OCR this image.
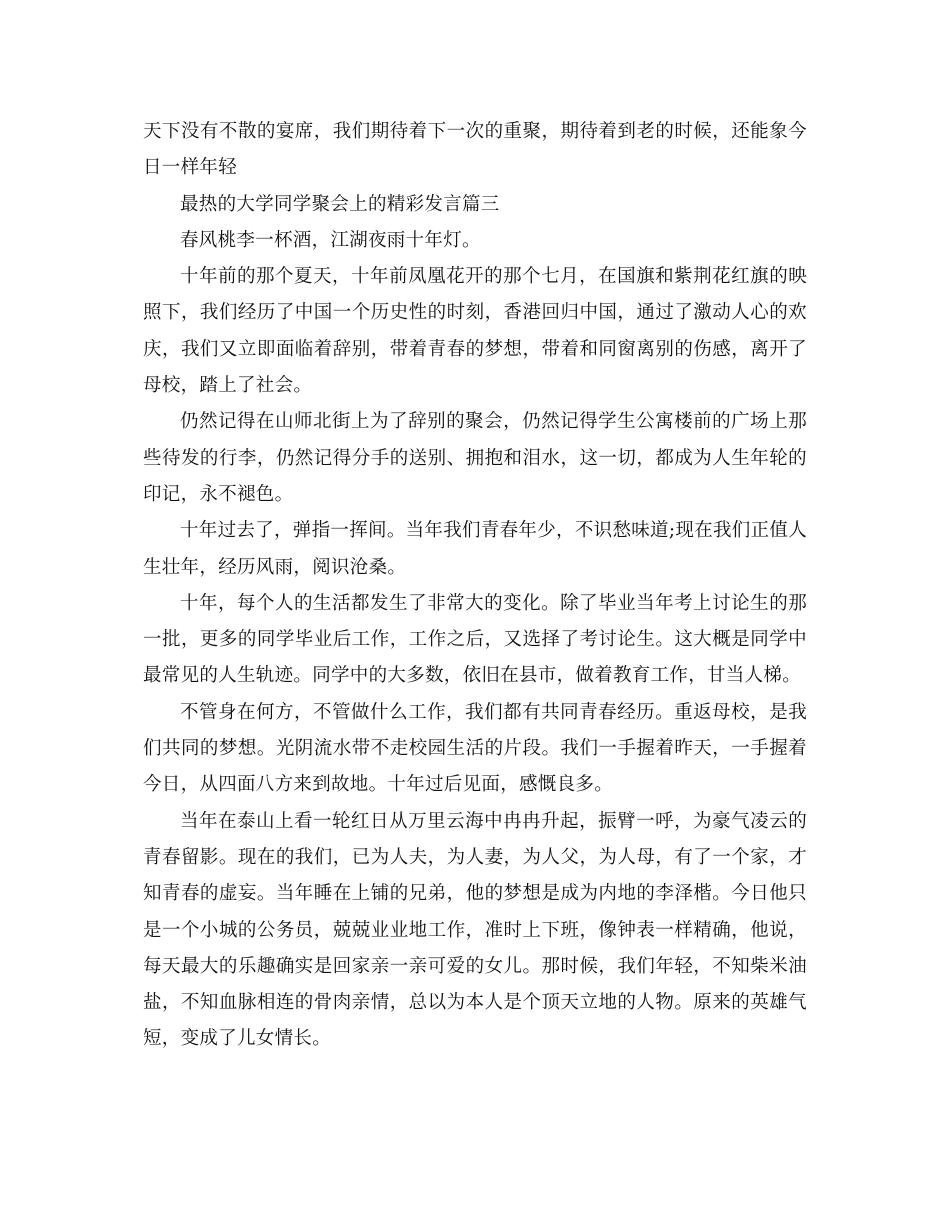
天下没有不散的宴席，我们期待着下一次的重聚，期待着到老的时候，还能象今日一样年轻

最热的大学同学聚会上的精彩发言篇三

春风桃李一杯酒，江湖夜雨十年灯。

十年前的那个夏天，十年前凤凰花开的那个七月，在国旗和紫荆花红旗的映照下，我们经历了中国一个历史性的时刻，香港回归中国，通过了激动人心的欢庆，我们又立即面临着辞别，带着青春的梦想，带着和同窗离别的伤感，离开了母校，踏上了社会。

仍然记得在山师北街上为了辞别的聚会，仍然记得学生公寓楼前的广场上那些待发的行李，仍然记得分手的送别、拥抱和泪水，这一切，都成为人生年轮的印记，永不褪色。

十年过去了，弹指一挥间。当年我们青春年少，不识愁味道;现在我们正值人生壮年，经历风雨，阅识沧桑。

十年，每个人的生活都发生了非常大的变化。除了毕业当年考上讨论生的那一批，更多的同学毕业后工作，工作之后，又选择了考讨论生。这大概是同学中最常见的人生轨迹。同学中的大多数，依旧在县市，做着教育工作，甘当人梯。

不管身在何方，不管做什么工作，我们都有共同青春经历。重返母校，是我们共同的梦想。光阴流水带不走校园生活的片段。我们一手握着昨天，一手握着今日，从四面八方来到故地。十年过后见面，感慨良多。

当年在泰山上看一轮红日从万里云海中冉冉升起，振臂一呼，为豪气凌云的青春留影。现在的我们，已为人夫，为人妻，为人父，为人母，有了一个家，才知青春的虚妄。当年睡在上铺的兄弟，他的梦想是成为内地的李泽楷。今日他只是一个小城的公务员，兢兢业业地工作，准时上下班，像钟表一样精确，他说，每天最大的乐趣确实是回家亲一亲可爱的女儿。那时候，我们年轻，不知柴米油盐，不知血脉相连的骨肉亲情，总以为本人是个顶天立地的人物。原来的英雄气短，变成了儿女情长。
